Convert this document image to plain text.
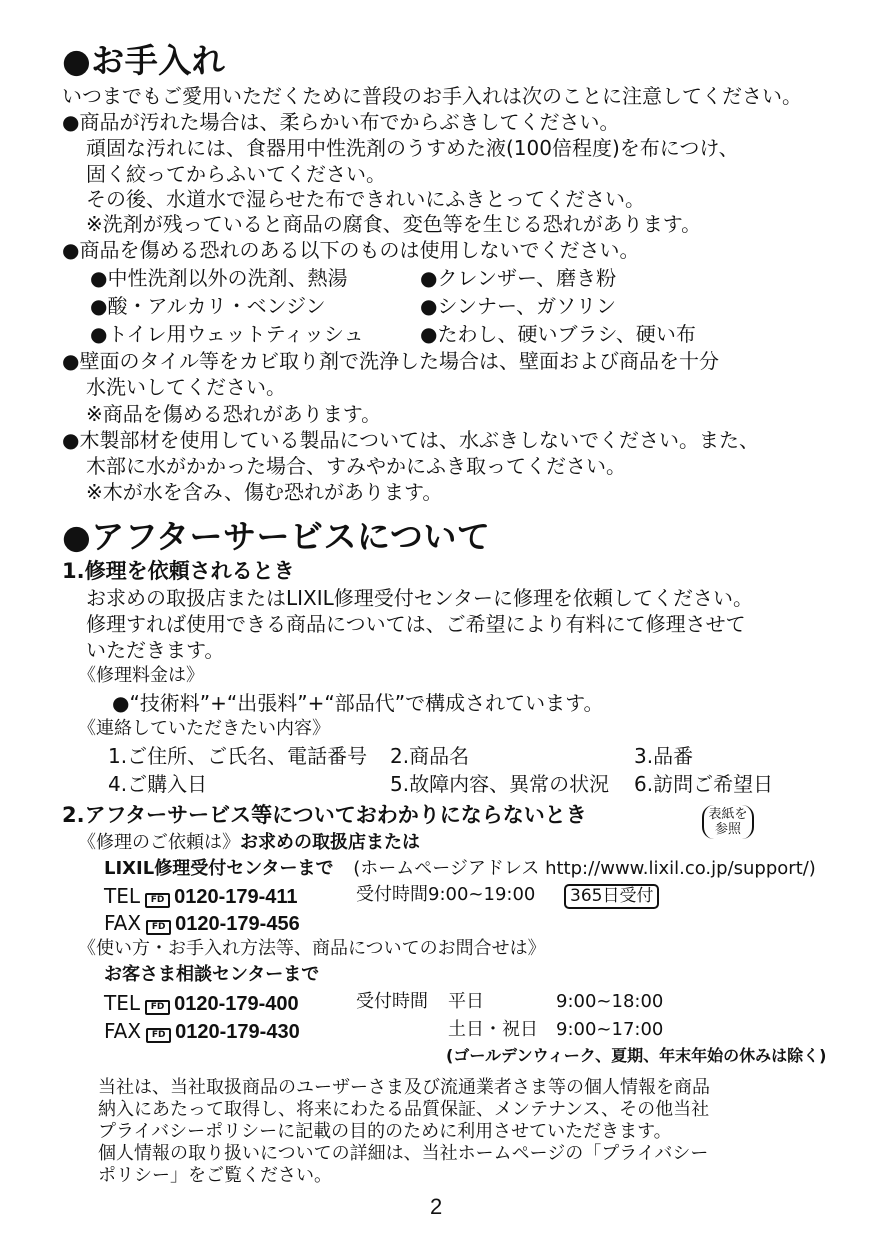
●お手入れ
いつまでもご愛用いただくために普段のお手入れは次のことに注意してください。
●商品が汚れた場合は、柔らかい布でからぶきしてください。
頑固な汚れには、食器用中性洗剤のうすめた液(100倍程度)を布につけ、
固く絞ってからふいてください。
その後、水道水で湿らせた布できれいにふきとってください。
※洗剤が残っていると商品の腐食、変色等を生じる恐れがあります。
●商品を傷める恐れのある以下のものは使用しないでください。
●中性洗剤以外の洗剤、熱湯	●クレンザー、磨き粉
●酸・アルカリ・ベンジン	●シンナー、ガソリン
●トイレ用ウェットティッシュ	●たわし、硬いブラシ、硬い布
●壁面のタイル等をカビ取り剤で洗浄した場合は、壁面および商品を十分
水洗いしてください。
※商品を傷める恐れがあります。
●木製部材を使用している製品については、水ぶきしないでください。また、
木部に水がかかった場合、すみやかにふき取ってください。
※木が水を含み、傷む恐れがあります。
●アフターサービスについて
1.修理を依頼されるとき
お求めの取扱店またはLIXIL修理受付センターに修理を依頼してください。
修理すれば使用できる商品については、ご希望により有料にて修理させて
いただきます。
《修理料金は》
●“技術料”+“出張料”+“部品代”で構成されています。
《連絡していただきたい内容》
1.ご住所、ご氏名、電話番号 2.商品名	3.品番
4.ご購入日	5.故障内容、異常の状況 6.訪問ご希望日
2.アフターサービス等についておわかりにならないとき	表紙を
参照
《修理のご依頼は》お求めの取扱店または
LIXIL修理受付センターまで (ホームページアドレス http://www.lixil.co.jp/support/)
TEL FD 0120-179-411	受付時間9:00~19:00	365日受付
FAX FD 0120-179-456
《使い方・お手入れ方法等、商品についてのお問合せは》
お客さま相談センターまで
TEL FD 0120-179-400	受付時間 平日	9:00~18:00
FAX FD 0120-179-430	土日・祝日 9:00~17:00
(ゴールデンウィーク、夏期、年末年始の休みは除く)
当社は、当社取扱商品のユーザーさま及び流通業者さま等の個人情報を商品
納入にあたって取得し、将来にわたる品質保証、メンテナンス、その他当社
プライバシーポリシーに記載の目的のために利用させていただきます。
個人情報の取り扱いについての詳細は、当社ホームページの「プライバシー
ポリシー」をご覧ください。
2
